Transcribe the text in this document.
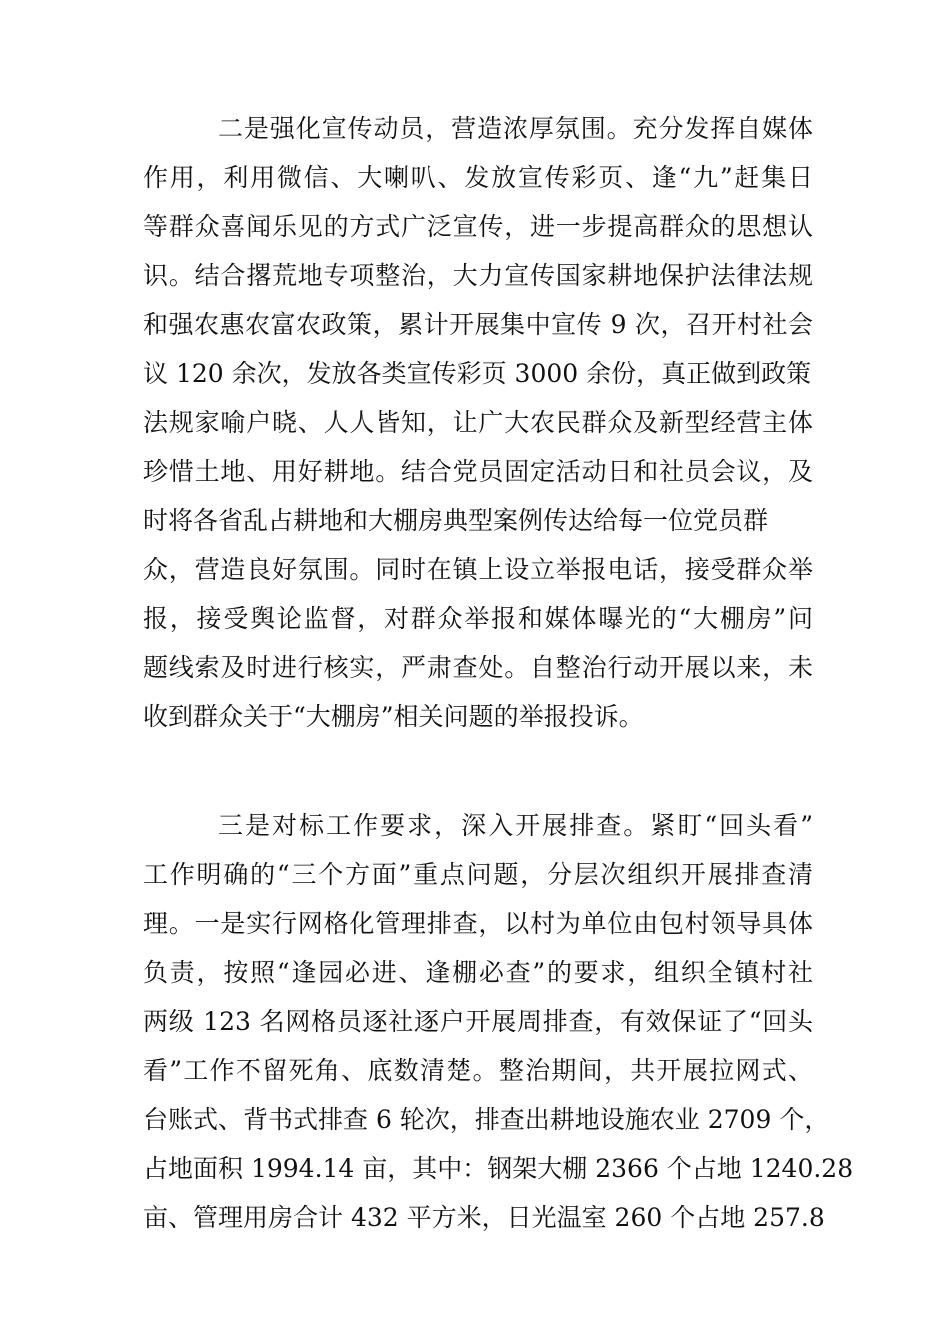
二是强化宣传动员，营造浓厚氛围。充分发挥自媒体
作用，利用微信、大喇叭、发放宣传彩页、逢“九”赶集日
等群众喜闻乐见的方式广泛宣传，进一步提高群众的思想认
识。结合撂荒地专项整治，大力宣传国家耕地保护法律法规
和强农惠农富农政策，累计开展集中宣传 9 次，召开村社会
议 120 余次，发放各类宣传彩页 3000 余份，真正做到政策
法规家喻户晓、人人皆知，让广大农民群众及新型经营主体
珍惜土地、用好耕地。结合党员固定活动日和社员会议，及
时将各省乱占耕地和大棚房典型案例传达给每一位党员群
众，营造良好氛围。同时在镇上设立举报电话，接受群众举
报，接受舆论监督，对群众举报和媒体曝光的“大棚房”问
题线索及时进行核实，严肃查处。自整治行动开展以来，未
收到群众关于“大棚房”相关问题的举报投诉。
三是对标工作要求，深入开展排查。紧盯“回头看”
工作明确的“三个方面”重点问题，分层次组织开展排查清
理。一是实行网格化管理排查，以村为单位由包村领导具体
负责，按照“逢园必进、逢棚必查”的要求，组织全镇村社
两级 123 名网格员逐社逐户开展周排查，有效保证了“回头
看”工作不留死角、底数清楚。整治期间，共开展拉网式、
台账式、背书式排查 6 轮次，排查出耕地设施农业 2709 个，
占地面积 1994.14 亩，其中：钢架大棚 2366 个占地 1240.28
亩、管理用房合计 432 平方米，日光温室 260 个占地 257.8
